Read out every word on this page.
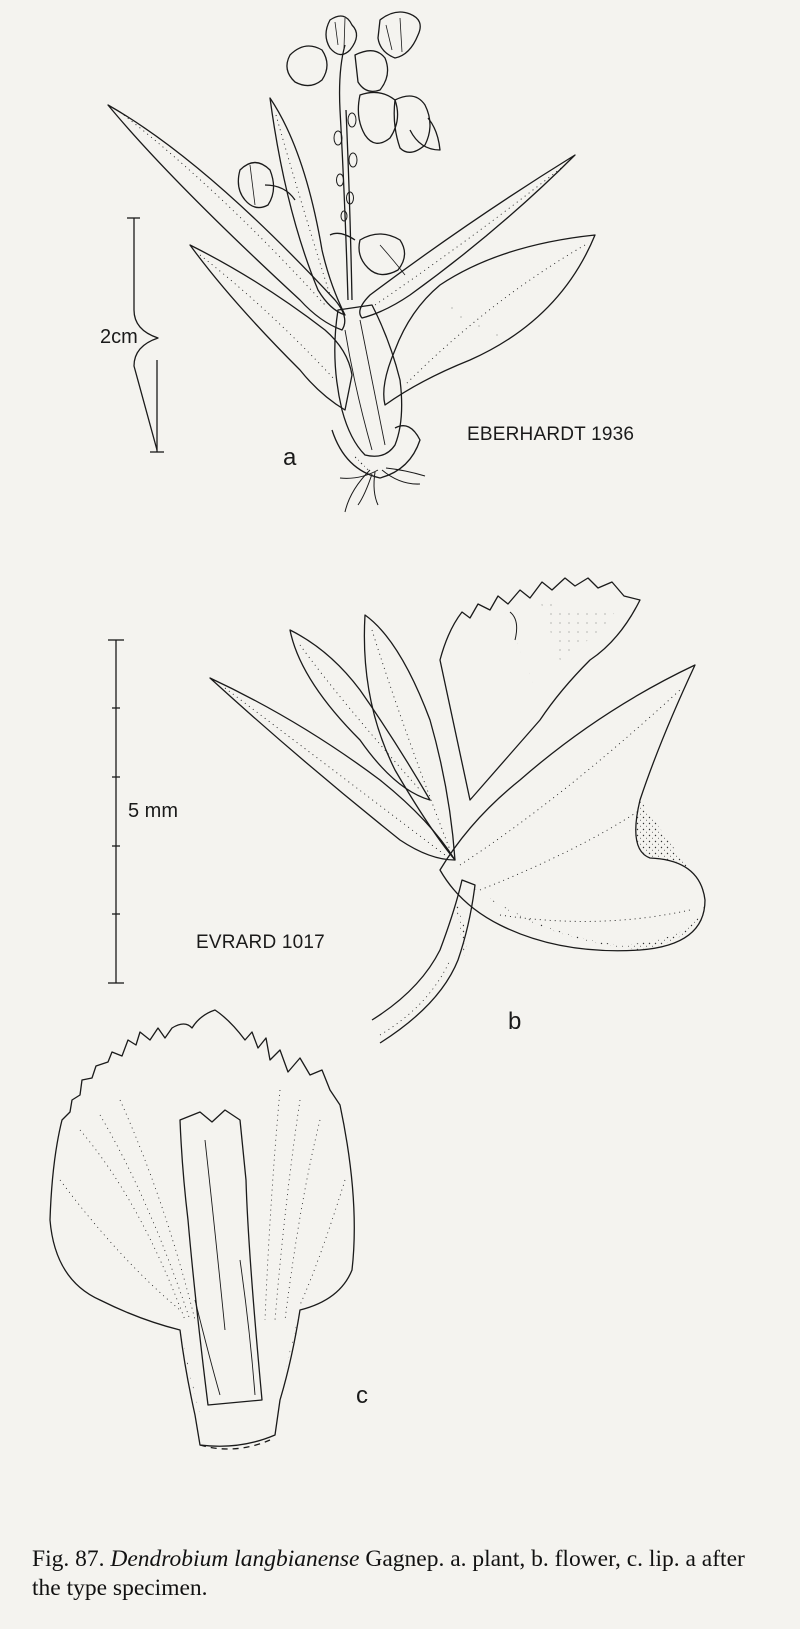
2cm
a
EBERHARDT 1936
5 mm
EVRARD 1017
b
c
Fig. 87. Dendrobium langbianense Gagnep. a. plant, b. flower, c. lip. a after the type specimen.
